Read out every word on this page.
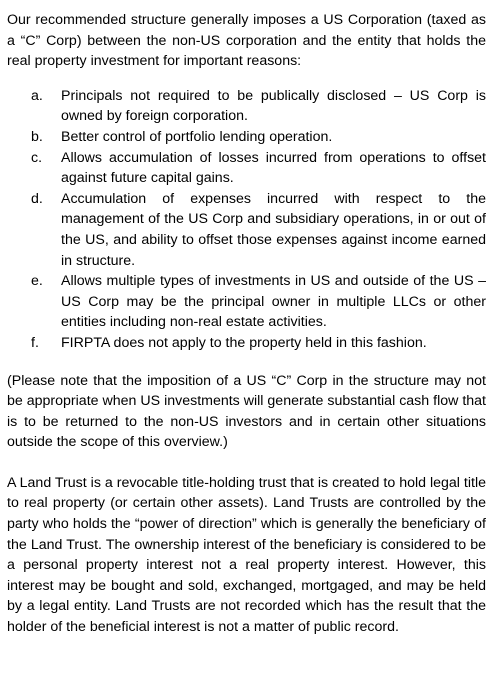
Our recommended structure generally imposes a US Corporation (taxed as a “C” Corp) between the non-US corporation and the entity that holds the real property investment for important reasons:

a.	Principals not required to be publically disclosed – US Corp is owned by foreign corporation.
b.	Better control of portfolio lending operation.
c.	Allows accumulation of losses incurred from operations to offset against future capital gains.
d.	Accumulation of expenses incurred with respect to the management of the US Corp and subsidiary operations, in or out of the US, and ability to offset those expenses against income earned in structure.
e.	Allows multiple types of investments in US and outside of the US – US Corp may be the principal owner in multiple LLCs or other entities including non-real estate activities.
f.	FIRPTA does not apply to the property held in this fashion.

(Please note that the imposition of a US “C” Corp in the structure may not be appropriate when US investments will generate substantial cash flow that is to be returned to the non-US investors and in certain other situations outside the scope of this overview.)

A Land Trust is a revocable title-holding trust that is created to hold legal title to real property (or certain other assets). Land Trusts are controlled by the party who holds the “power of direction” which is generally the beneficiary of the Land Trust. The ownership interest of the beneficiary is considered to be a personal property interest not a real property interest. However, this interest may be bought and sold, exchanged, mortgaged, and may be held by a legal entity. Land Trusts are not recorded which has the result that the holder of the beneficial interest is not a matter of public record.
